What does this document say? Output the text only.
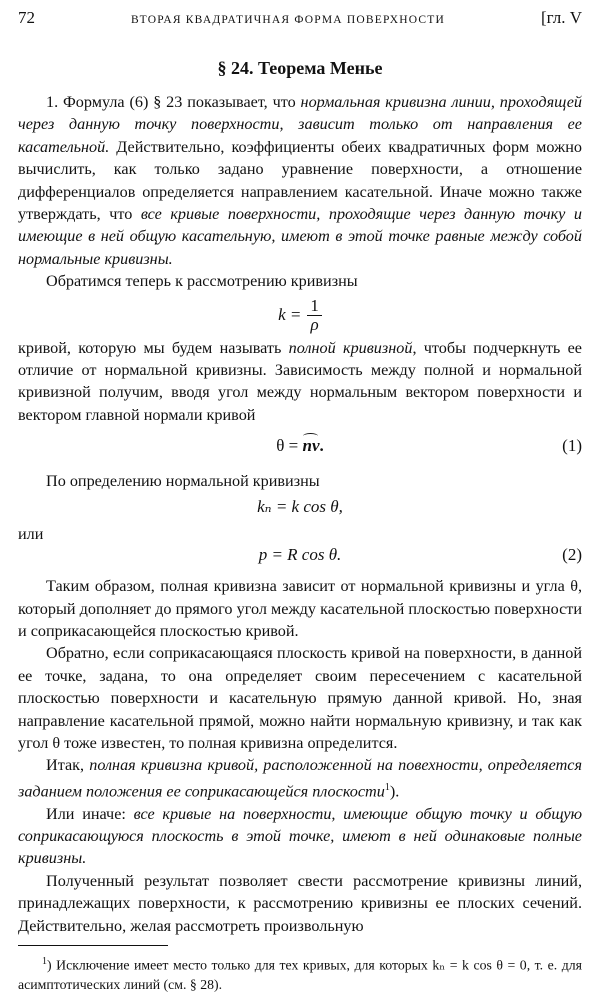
72	ВТОРАЯ КВАДРАТИЧНАЯ ФОРМА ПОВЕРХНОСТИ	[гл. V
§ 24. Теорема Менье

1. Формула (6) § 23 показывает, что нормальная кривизна линии, проходящей через данную точку поверхности, зависит только от направления ее касательной. Действительно, коэффициенты обеих квадратичных форм можно вычислить, как только задано уравнение поверхности, а отношение дифференциалов определяется направлением касательной. Иначе можно также утверждать, что все кривые поверхности, проходящие через данную точку и имеющие в ней общую касательную, имеют в этой точке равные между собой нормальные кривизны.

Обратимся теперь к рассмотрению кривизны

$k = \frac{1}{\rho}$

кривой, которую мы будем называть полной кривизной, чтобы подчеркнуть ее отличие от нормальной кривизны. Зависимость между полной и нормальной кривизной получим, вводя угол между нормальным вектором поверхности и вектором главной нормали кривой

θ = nν.	(1)

По определению нормальной кривизны

kₙ = k cos θ,

или

p = R cos θ.	(2)

Таким образом, полная кривизна зависит от нормальной кривизны и угла θ, который дополняет до прямого угол между касательной плоскостью поверхности и соприкасающейся плоскостью кривой.

Обратно, если соприкасающаяся плоскость кривой на поверхности, в данной ее точке, задана, то она определяет своим пересечением с касательной плоскостью поверхности и касательную прямую данной кривой. Но, зная направление касательной прямой, можно найти нормальную кривизну, и так как угол θ тоже известен, то полная кривизна определится.

Итак, полная кривизна кривой, расположенной на повехности, определяется заданием положения ее соприкасающейся плоскости$^1$).

Или иначе: все кривые на поверхности, имеющие общую точку и общую соприкасающуюся плоскость в этой точке, имеют в ней одинаковые полные кривизны.

Полученный результат позволяет свести рассмотрение кривизны линий, принадлежащих поверхности, к рассмотрению кривизны ее плоских сечений. Действительно, желая рассмотреть произвольную

$^1$) Исключение имеет место только для тех кривых, для которых kₙ = k cos θ = 0, т. е. для асимптотических линий (см. § 28).
